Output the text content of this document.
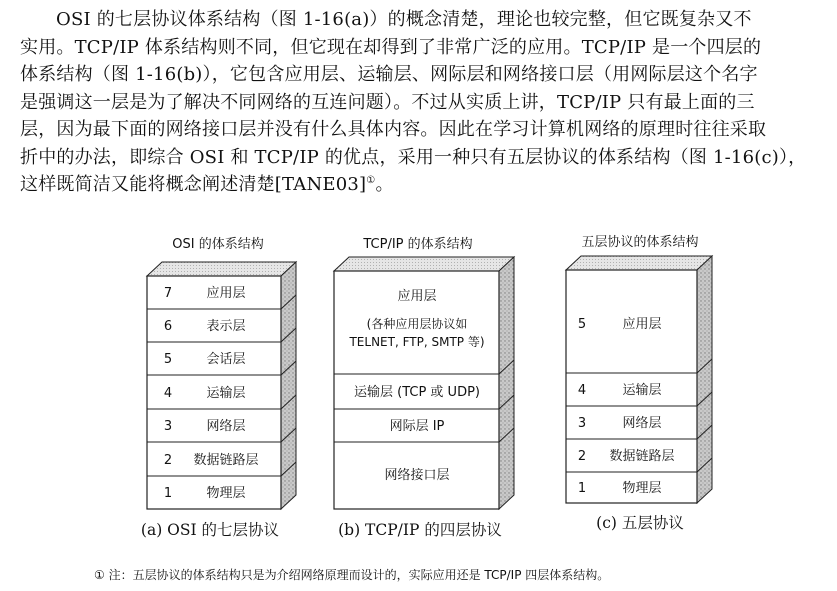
OSI 的七层协议体系结构（图 1-16(a)）的概念清楚，理论也较完整，但它既复杂又不
实用。TCP/IP 体系结构则不同，但它现在却得到了非常广泛的应用。TCP/IP 是一个四层的
体系结构（图 1-16(b)），它包含应用层、运输层、网际层和网络接口层（用网际层这个名字
是强调这一层是为了解决不同网络的互连问题）。不过从实质上讲，TCP/IP 只有最上面的三
层，因为最下面的网络接口层并没有什么具体内容。因此在学习计算机网络的原理时往往采取
折中的办法，即综合 OSI 和 TCP/IP 的优点，采用一种只有五层协议的体系结构（图 1-16(c)），
这样既简洁又能将概念阐述清楚[TANE03]①。
OSI 的体系结构
7	应用层
6	表示层
5	会话层
4	运输层
3	网络层
2 数据链路层
1	物理层
(a) OSI 的七层协议
TCP/IP 的体系结构
应用层
(各种应用层协议如
TELNET, FTP, SMTP 等)
运输层 (TCP 或 UDP)
网际层 IP
网络接口层
(b) TCP/IP 的四层协议
五层协议的体系结构
5	应用层
4	运输层
3	网络层
2 数据链路层
1	物理层
(c) 五层协议
① 注：五层协议的体系结构只是为介绍网络原理而设计的，实际应用还是 TCP/IP 四层体系结构。
